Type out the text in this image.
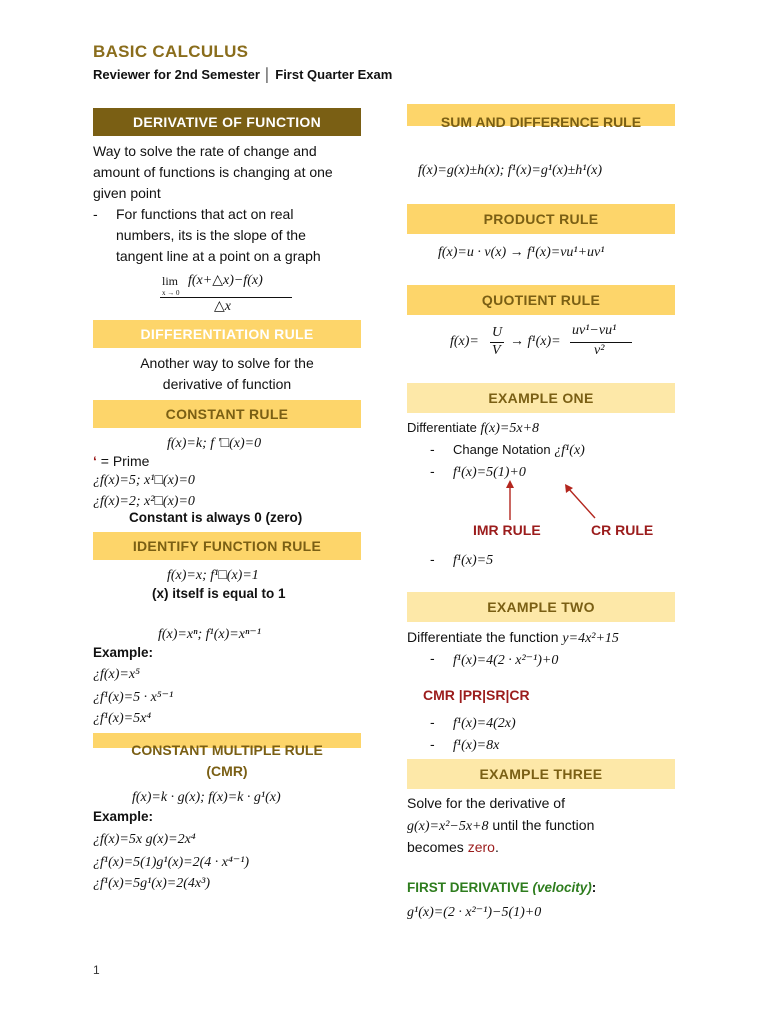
BASIC CALCULUS
Reviewer for 2nd Semester │ First Quarter Exam
DERIVATIVE OF FUNCTION
Way to solve the rate of change and
amount of functions is changing at one
given point
- For functions that act on real
numbers, its is the slope of the
tangent line at a point on a graph
lim
x → 0
f(x+△x)−f(x)
△x
DIFFERENTIATION RULE
Another way to solve for the
derivative of function
CONSTANT RULE
f(x)=k; f '□(x)=0
‘ = Prime
¿f(x)=5; x¹□(x)=0
¿f(x)=2; x²□(x)=0
Constant is always 0 (zero)
IDENTIFY FUNCTION RULE
f(x)=x; f¹□(x)=1
(x) itself is equal to 1
f(x)=xⁿ; f¹(x)=xⁿ⁻¹
Example:
¿f(x)=x⁵
¿f¹(x)=5 · x⁵⁻¹
¿f¹(x)=5x⁴
CONSTANT MULTIPLE RULE
(CMR)
f(x)=k · g(x); f(x)=k · g¹(x)
Example:
¿f(x)=5x g(x)=2x⁴
¿f¹(x)=5(1)g¹(x)=2(4 · x⁴⁻¹)
¿f¹(x)=5g¹(x)=2(4x³)
SUM AND DIFFERENCE RULE
f(x)=g(x)±h(x); f¹(x)=g¹(x)±h¹(x)
PRODUCT RULE
f(x)=u · v(x) → f¹(x)=vu¹+uv¹
QUOTIENT RULE
f(x)=
U
V
→ f¹(x)=
uv¹−vu¹
v²
EXAMPLE ONE
Differentiate f(x)=5x+8
- Change Notation ¿f¹(x)
- f¹(x)=5(1)+0
IMR RULE	CR RULE
- f¹(x)=5
EXAMPLE TWO
Differentiate the function y=4x²+15
- f¹(x)=4(2 · x²⁻¹)+0
CMR |PR|SR|CR
- f¹(x)=4(2x)
- f¹(x)=8x
EXAMPLE THREE
Solve for the derivative of
g(x)=x²−5x+8 until the function
becomes zero.
FIRST DERIVATIVE (velocity):
g¹(x)=(2 · x²⁻¹)−5(1)+0
1
